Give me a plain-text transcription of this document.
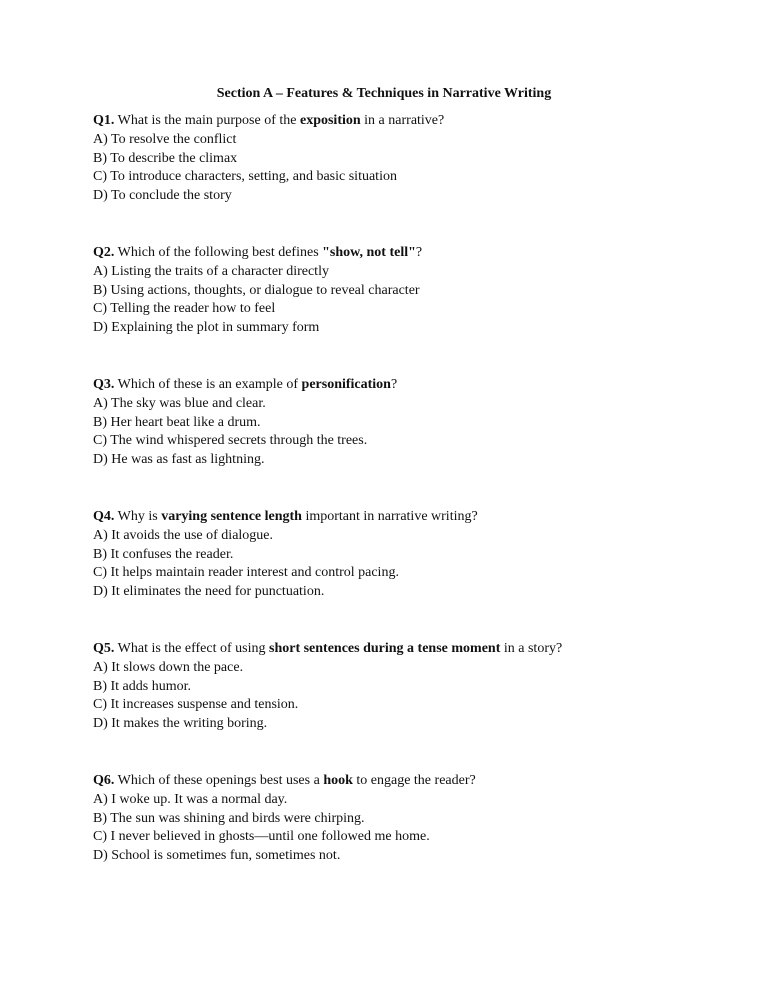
Section A – Features & Techniques in Narrative Writing
Q1. What is the main purpose of the exposition in a narrative?
A) To resolve the conflict
B) To describe the climax
C) To introduce characters, setting, and basic situation
D) To conclude the story
Q2. Which of the following best defines "show, not tell"?
A) Listing the traits of a character directly
B) Using actions, thoughts, or dialogue to reveal character
C) Telling the reader how to feel
D) Explaining the plot in summary form
Q3. Which of these is an example of personification?
A) The sky was blue and clear.
B) Her heart beat like a drum.
C) The wind whispered secrets through the trees.
D) He was as fast as lightning.
Q4. Why is varying sentence length important in narrative writing?
A) It avoids the use of dialogue.
B) It confuses the reader.
C) It helps maintain reader interest and control pacing.
D) It eliminates the need for punctuation.
Q5. What is the effect of using short sentences during a tense moment in a story?
A) It slows down the pace.
B) It adds humor.
C) It increases suspense and tension.
D) It makes the writing boring.
Q6. Which of these openings best uses a hook to engage the reader?
A) I woke up. It was a normal day.
B) The sun was shining and birds were chirping.
C) I never believed in ghosts—until one followed me home.
D) School is sometimes fun, sometimes not.
